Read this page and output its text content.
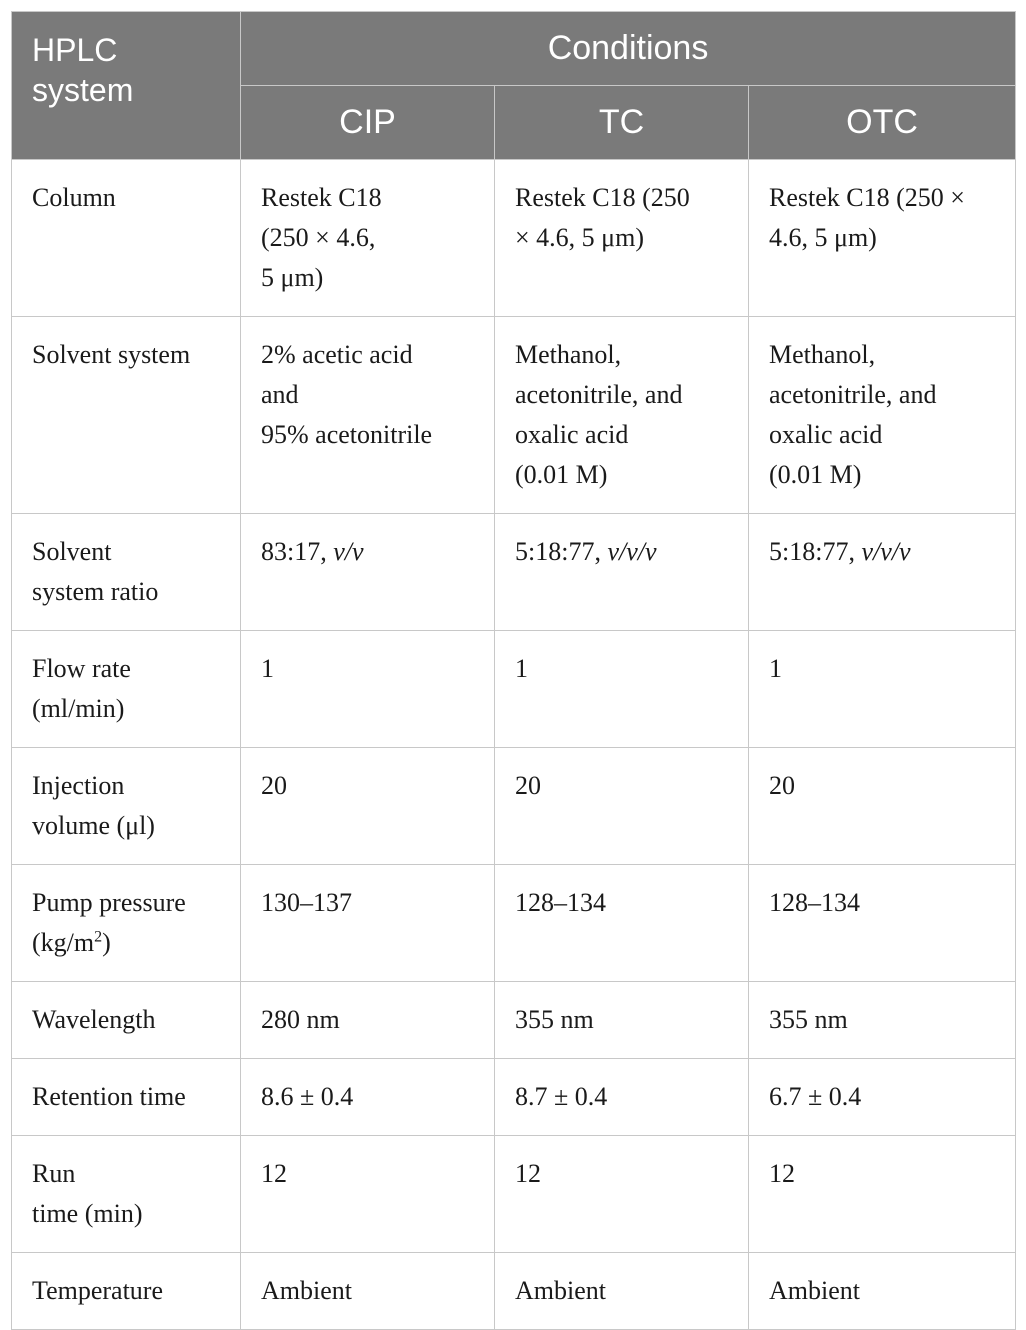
HPLC
system	Conditions		
	CIP	TC	OTC

Column	Restek C18
(250 × 4.6,
5 μm)	Restek C18 (250
× 4.6, 5 μm)	Restek C18 (250 ×
4.6, 5 μm)

Solvent system	2% acetic acid
and
95% acetonitrile	Methanol,
acetonitrile, and
oxalic acid
(0.01 M)	Methanol,
acetonitrile, and
oxalic acid
(0.01 M)

Solvent
system ratio	83:17, v/v	5:18:77, v/v/v	5:18:77, v/v/v

Flow rate
(ml/min)	1	1	1

Injection
volume (μl)	20	20	20

Pump pressure
$(kg/m^2)$	130–137	128–134	128–134

Wavelength	280 nm	355 nm	355 nm

Retention time	8.6 ± 0.4	8.7 ± 0.4	6.7 ± 0.4

Run
time (min)	12	12	12

Temperature	Ambient	Ambient	Ambient
